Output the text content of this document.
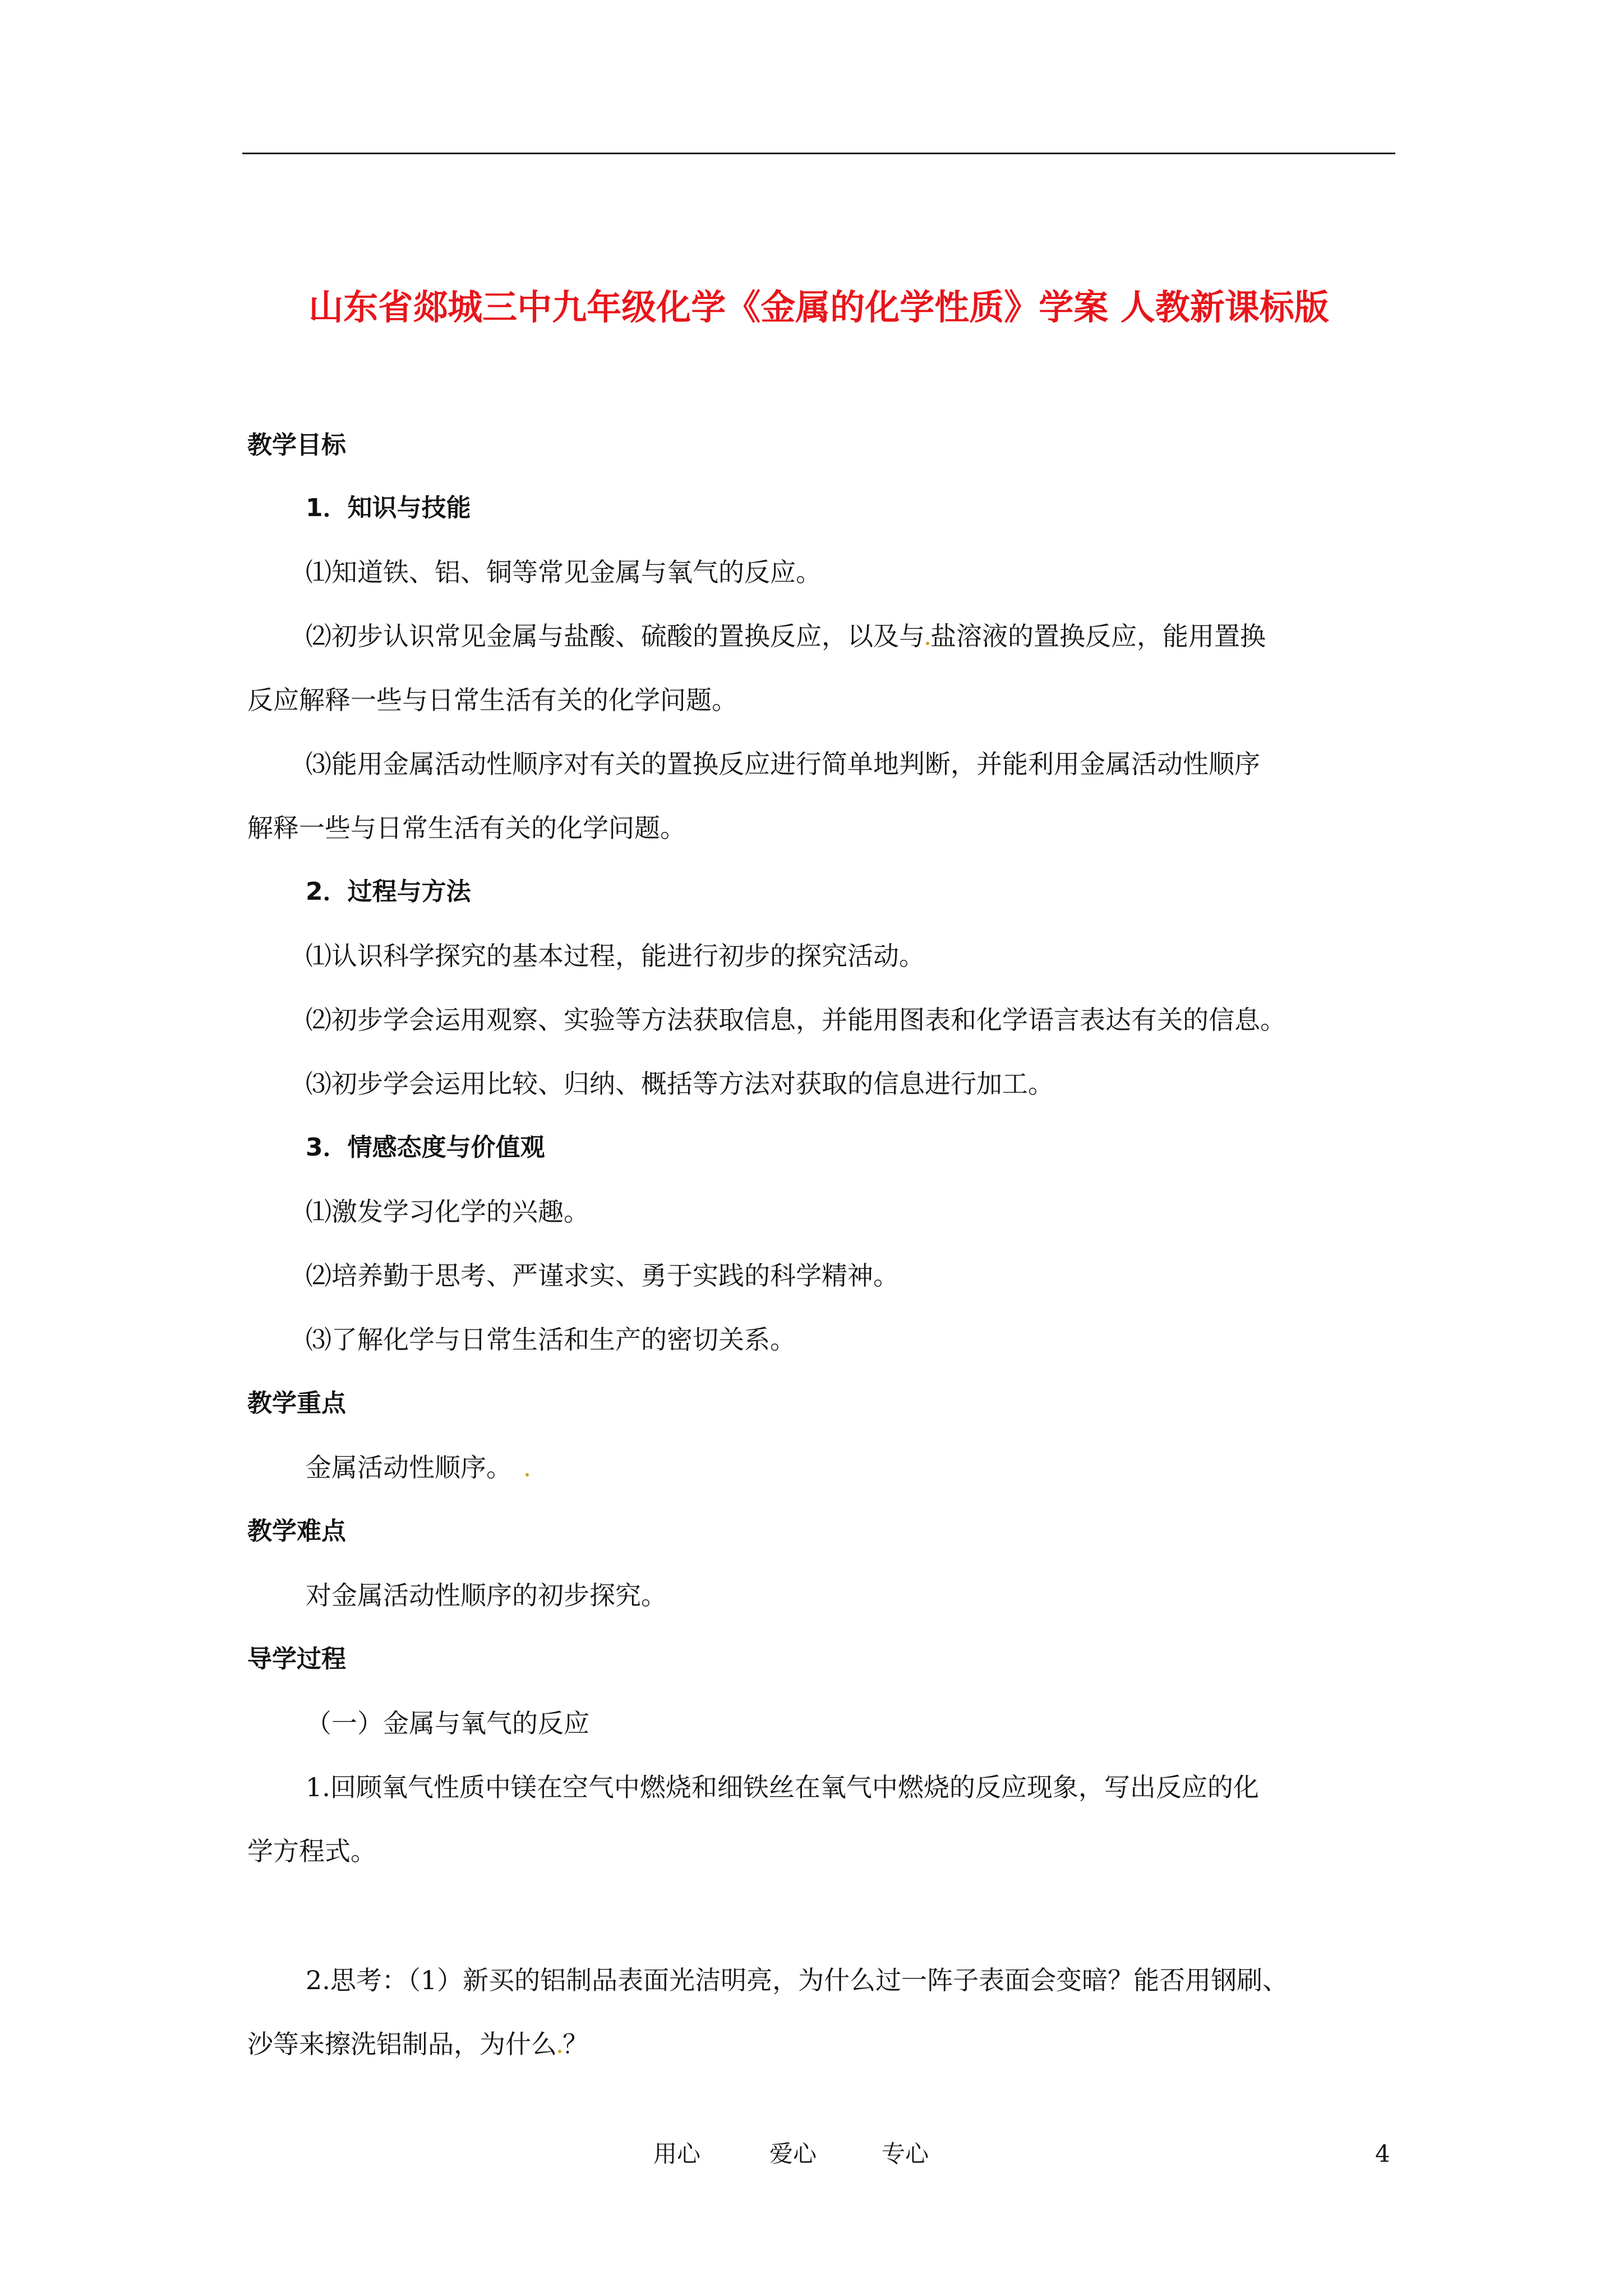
山东省郯城三中九年级化学《金属的化学性质》学案 人教新课标版

教学目标

1．知识与技能

⑴知道铁、铝、铜等常见金属与氧气的反应。

⑵初步认识常见金属与盐酸、硫酸的置换反应，以及与 盐溶液的置换反应，能用置换

反应解释一些与日常生活有关的化学问题。

⑶能用金属活动性顺序对有关的置换反应进行简单地判断，并能利用金属活动性顺序

解释一些与日常生活有关的化学问题。

2．过程与方法

⑴认识科学探究的基本过程，能进行初步的探究活动。

⑵初步学会运用观察、实验等方法获取信息，并能用图表和化学语言表达有关的信息。

⑶初步学会运用比较、归纳、概括等方法对获取的信息进行加工。

3．情感态度与价值观

⑴激发学习化学的兴趣。

⑵培养勤于思考、严谨求实、勇于实践的科学精神。

⑶了解化学与日常生活和生产的密切关系。

教学重点

金属活动性顺序。

教学难点

对金属活动性顺序的初步探究。

导学过程

（一）金属与氧气的反应

1.回顾氧气性质中镁在空气中燃烧和细铁丝在氧气中燃烧的反应现象，写出反应的化

学方程式。

2.思考：（1）新买的铝制品表面光洁明亮，为什么过一阵子表面会变暗？能否用钢刷、

沙等来擦洗铝制品，为什么 ？

用心	爱心	专心	4
